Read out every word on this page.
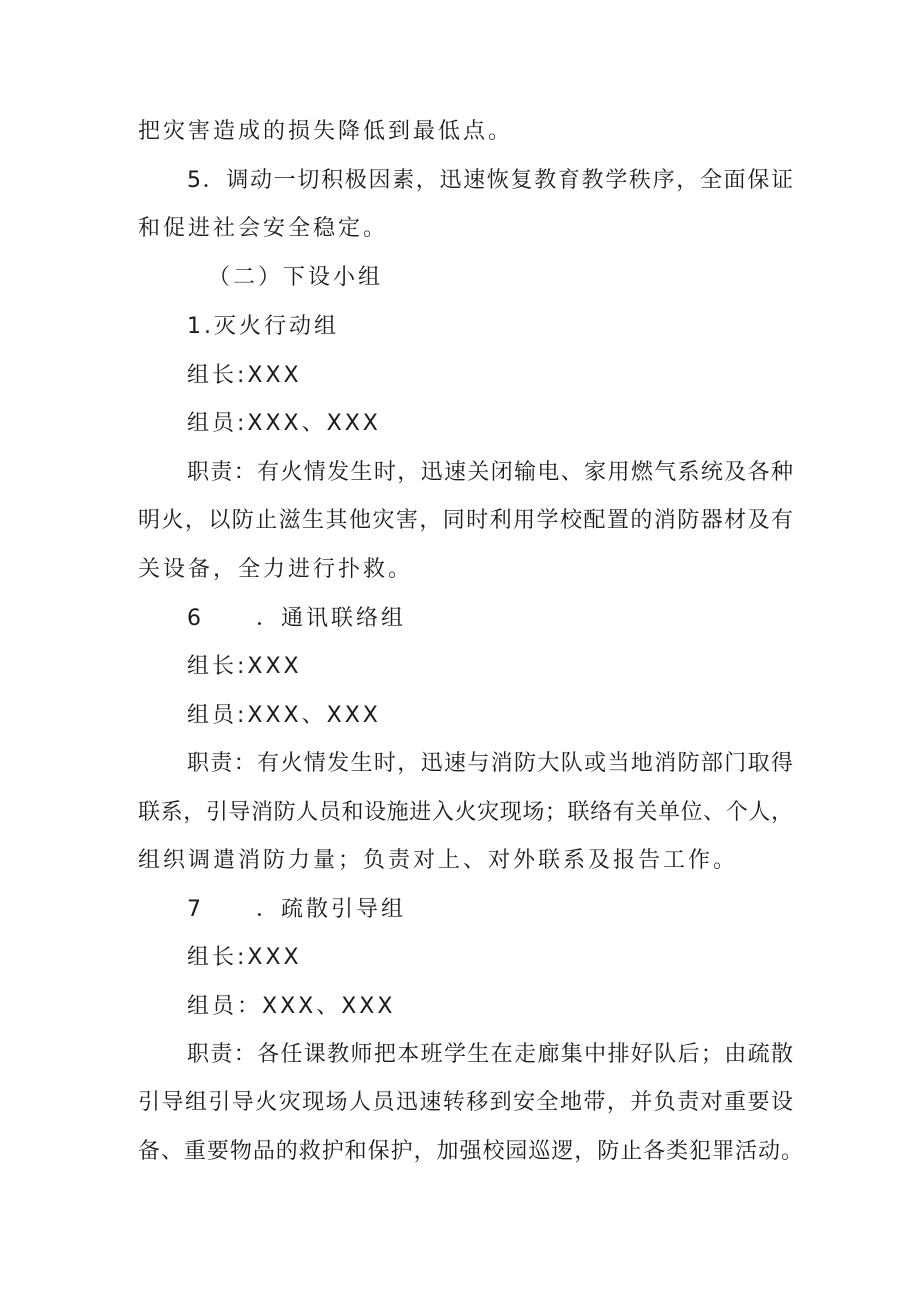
把灾害造成的损失降低到最低点。
5．调动一切积极因素，迅速恢复教育教学秩序，全面保证
和促进社会安全稳定。
（二）下设小组
1.灭火行动组
组长:XXX
组员:XXX、XXX
职责：有火情发生时，迅速关闭输电、家用燃气系统及各种
明火，以防止滋生其他灾害，同时利用学校配置的消防器材及有
关设备，全力进行扑救。
6 ．通讯联络组
组长:XXX
组员:XXX、XXX
职责：有火情发生时，迅速与消防大队或当地消防部门取得
联系，引导消防人员和设施进入火灾现场；联络有关单位、个人，
组织调遣消防力量；负责对上、对外联系及报告工作。
7 ．疏散引导组
组长:XXX
组员：XXX、XXX
职责：各任课教师把本班学生在走廊集中排好队后；由疏散
引导组引导火灾现场人员迅速转移到安全地带，并负责对重要设
备、重要物品的救护和保护，加强校园巡逻，防止各类犯罪活动。
